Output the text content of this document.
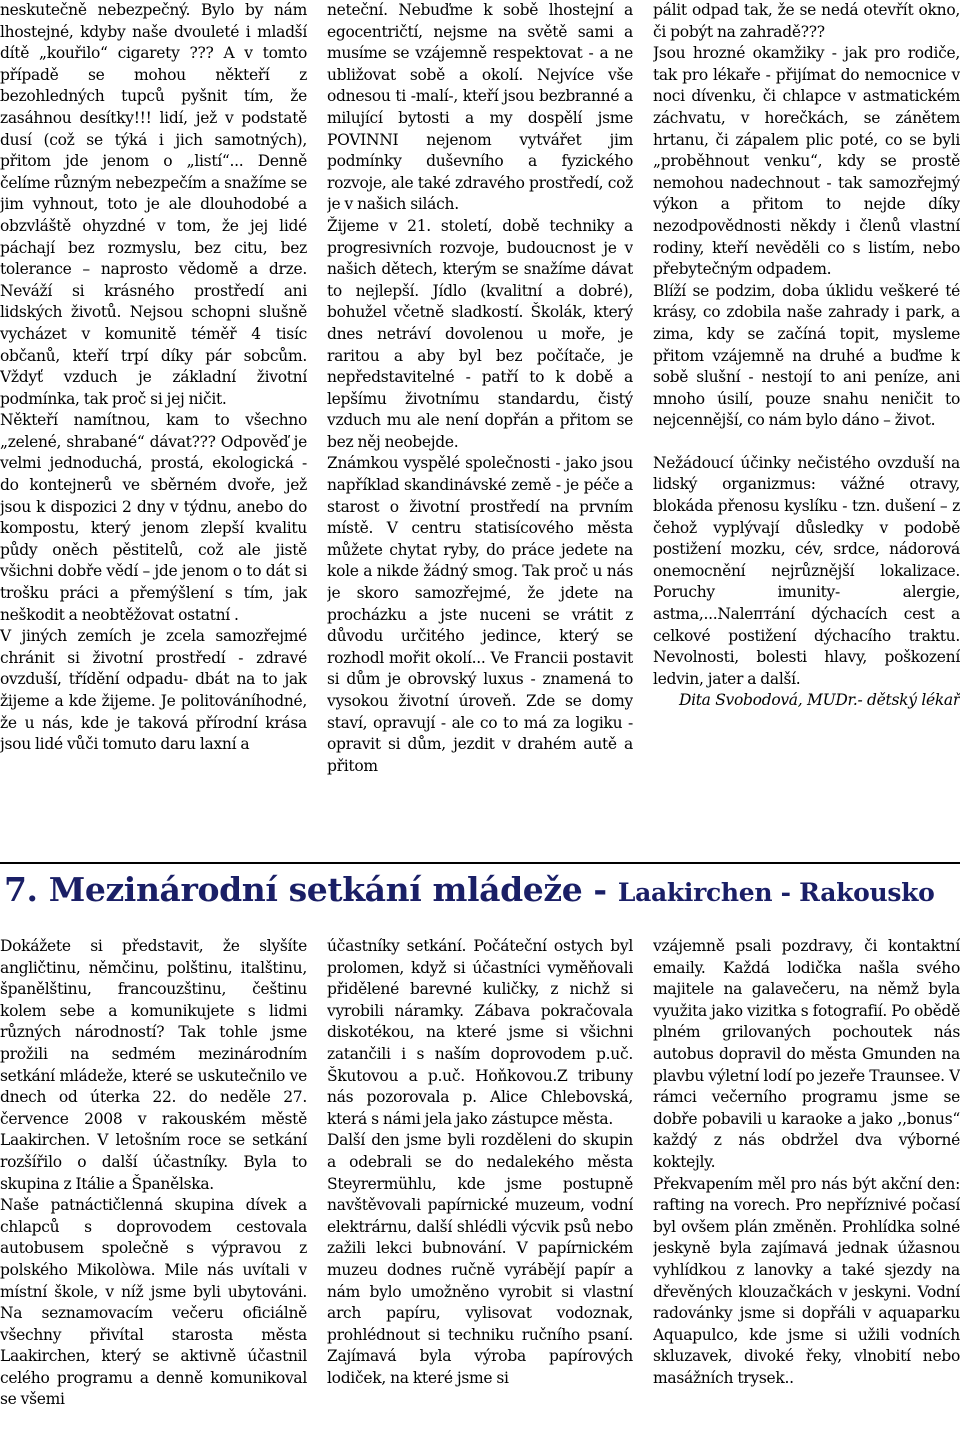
neskutečně nebezpečný. Bylo by nám lhostejné, kdyby naše dvouleté i mladší dítě „kouřilo“ cigarety ??? A v tomto případě se mohou někteří z bezohledných tupců pyšnit tím, že zasáhnou desítky!!! lidí, jež v podstatě dusí (což se týká i jich samotných), přitom jde jenom o „listí“... Denně čelíme různým nebezpečím a snažíme se jim vyhnout, toto je ale dlouhodobé a obzvláště ohyzdné v tom, že jej lidé páchají bez rozmyslu, bez citu, bez tolerance – naprosto vědomě a drze. Neváží si krásného prostředí ani lidských životů. Nejsou schopni slušně vycházet v komunitě téměř 4 tisíc občanů, kteří trpí díky pár sobcům. Vždyť vzduch je základní životní podmínka, tak proč si jej ničit.

Někteří namítnou, kam to všechno „zelené, shrabané“ dávat??? Odpověď je velmi jednoduchá, prostá, ekologická - do kontejnerů ve sběrném dvoře, jež jsou k dispozici 2 dny v týdnu, anebo do kompostu, který jenom zlepší kvalitu půdy oněch pěstitelů, což ale jistě všichni dobře vědí – jde jenom o to dát si trošku práci a přemýšlení s tím, jak neškodit a neobtěžovat ostatní .

V jiných zemích je zcela samozřejmé chránit si životní prostředí - zdravé ovzduší, třídění odpadu- dbát na to jak žijeme a kde žijeme. Je politováníhodné, že u nás, kde je taková přírodní krása jsou lidé vůči tomuto daru laxní a

neteční. Nebuďme k sobě lhostejní a egocentričtí, nejsme na světě sami a musíme se vzájemně respektovat - a ne ubližovat sobě a okolí. Nejvíce vše odnesou ti -malí-, kteří jsou bezbranné a milující bytosti a my dospělí jsme POVINNI nejenom vytvářet jim podmínky duševního a fyzického rozvoje, ale také zdravého prostředí, což je v našich silách.

Žijeme v 21. století, době techniky a progresivních rozvoje, budoucnost je v našich dětech, kterým se snažíme dávat to nejlepší. Jídlo (kvalitní a dobré), bohužel včetně sladkostí. Školák, který dnes netráví dovolenou u moře, je raritou a aby byl bez počítače, je nepředstavitelné - patří to k době a lepšímu životnímu standardu, čistý vzduch mu ale není dopřán a přitom se bez něj neobejde.

Známkou vyspělé společnosti - jako jsou například skandinávské země - je péče a starost o životní prostředí na prvním místě. V centru statisícového města můžete chytat ryby, do práce jedete na kole a nikde žádný smog. Tak proč u nás je skoro samozřejmé, že jdete na procházku a jste nuceni se vrátit z důvodu určitého jedince, který se rozhodl mořit okolí... Ve Francii postavit si dům je obrovský luxus - znamená to vysokou životní úroveň. Zde se domy staví, opravují - ale co to má za logiku - opravit si dům, jezdit v drahém autě a přitom

pálit odpad tak, že se nedá otevřít okno, či pobýt na zahradě???

Jsou hrozné okamžiky - jak pro rodiče, tak pro lékaře - přijímat do nemocnice v noci dívenku, či chlapce v astmatickém záchvatu, v horečkách, se zánětem hrtanu, či zápalem plic poté, co se byli „proběhnout venku“, kdy se prostě nemohou nadechnout - tak samozřejmý výkon a přitom to nejde díky nezodpovědnosti někdy i členů vlastní rodiny, kteří nevěděli co s listím, nebo přebytečným odpadem.

Blíží se podzim, doba úklidu veškeré té krásy, co zdobila naše zahrady i park, a zima, kdy se začíná topit, mysleme přitom vzájemně na druhé a buďme k sobě slušní - nestojí to ani peníze, ani mnoho úsilí, pouze snahu neničit to nejcennější, co nám bylo dáno – život.

Nežádoucí účinky nečistého ovzduší na lidský organizmus: vážné otravy, blokáda přenosu kyslíku - tzn. dušení – z čehož vyplývají důsledky v podobě postižení mozku, cév, srdce, nádorová onemocnění nejrůznější lokalizace. Poruchy imunity- alergie, astma,...Nalептání dýchacích cest a celkové postižení dýchacího traktu. Nevolnosti, bolesti hlavy, poškození ledvin, jater a další.

Dita Svobodová, MUDr.- dětský lékař

7. Mezinárodní setkání mládeže - Laakirchen - Rakousko

Dokážete si představit, že slyšíte angličtinu, němčinu, polštinu, italštinu, španělštinu, francouzštinu, češtinu kolem sebe a komunikujete s lidmi různých národností? Tak tohle jsme prožili na sedmém mezinárodním setkání mládeže, které se uskutečnilo ve dnech od úterka 22. do neděle 27. července 2008 v rakouském městě Laakirchen. V letošním roce se setkání rozšířilo o další účastníky. Byla to skupina z Itálie a Španělska.

Naše patnáctičlenná skupina dívek a chlapců s doprovodem cestovala autobusem společně s výpravou z polského Mikolòwa. Mile nás uvítali v místní škole, v níž jsme byli ubytováni. Na seznamovacím večeru oficiálně všechny přivítal starosta města Laakirchen, který se aktivně účastnil celého programu a denně komunikoval se všemi

účastníky setkání. Počáteční ostych byl prolomen, když si účastníci vyměňovali přidělené barevné kuličky, z nichž si vyrobili náramky. Zábava pokračovala diskotékou, na které jsme si všichni zatančili i s naším doprovodem p.uč. Škutovou a p.uč. Hoňkovou.Z tribuny nás pozorovala p. Alice Chlebovská, která s námi jela jako zástupce města.

Další den jsme byli rozděleni do skupin a odebrali se do nedalekého města Steyrermühlu, kde jsme postupně navštěvovali papírnické muzeum, vodní elektrárnu, další shlédli výcvik psů nebo zažili lekci bubnování. V papírnickém muzeu dodnes ručně vyrábějí papír a nám bylo umožněno vyrobit si vlastní arch papíru, vylisovat vodoznak, prohlédnout si techniku ručního psaní. Zajímavá byla výroba papírových lodiček, na které jsme si

vzájemně psali pozdravy, či kontaktní emaily. Každá lodička našla svého majitele na galavečeru, na němž byla využita jako vizitka s fotografií. Po obědě plném grilovaných pochoutek nás autobus dopravil do města Gmunden na plavbu výletní lodí po jezeře Traunsee. V rámci večerního programu jsme se dobře pobavili u karaoke a jako ,,bonus“ každý z nás obdržel dva výborné koktejly.

Překvapením měl pro nás být akční den: rafting na vorech. Pro nepříznivé počasí byl ovšem plán změněn. Prohlídka solné jeskyně byla zajímavá jednak úžasnou vyhlídkou z lanovky a také sjezdy na dřevěných klouzačkách v jeskyni. Vodní radovánky jsme si dopřáli v aquaparku Aquapulco, kde jsme si užili vodních skluzavek, divoké řeky, vlnobití nebo masážních trysek..
